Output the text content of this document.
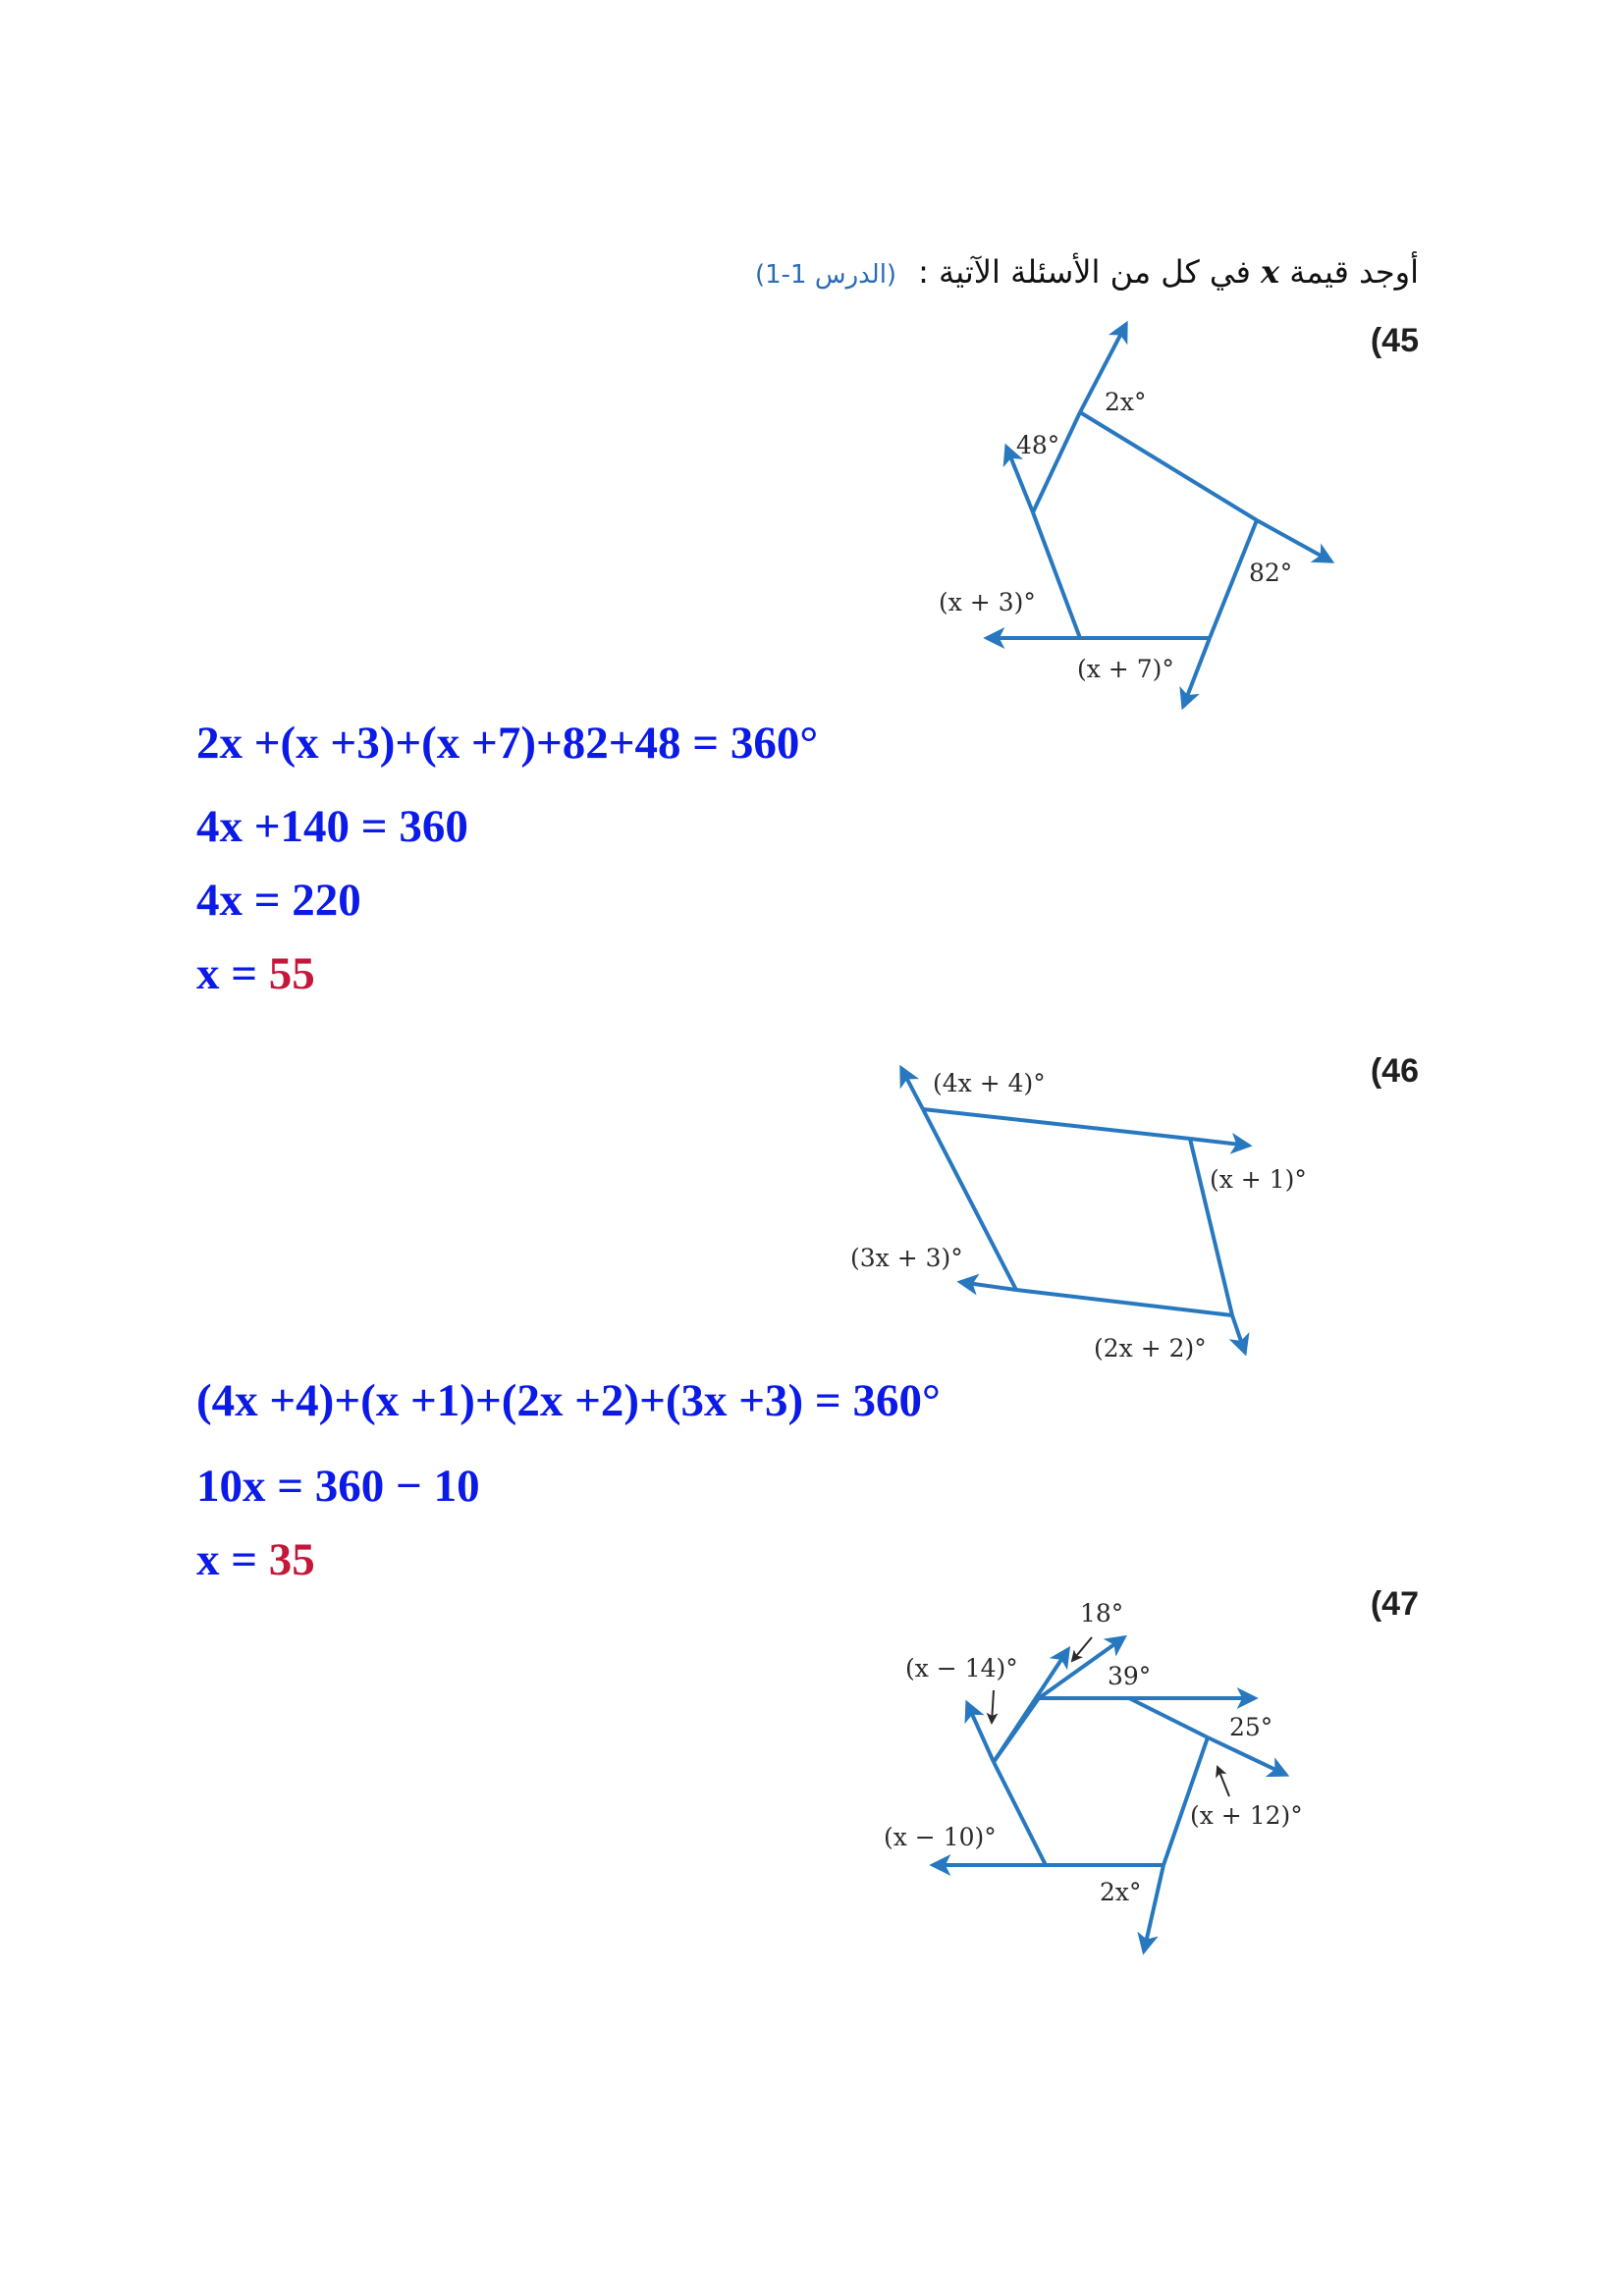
أوجد قيمة x في كل من الأسئلة الآتية :(الدرس 1-1)
(45
2x°
48°
82°
(x + 3)°
(x + 7)°
2x +(x +3)+(x +7)+82+48 = 360°
4x +140 = 360
4x = 220
x = 55
(46
(4x + 4)°
(x + 1)°
(3x + 3)°
(2x + 2)°
(4x +4)+(x +1)+(2x +2)+(3x +3) = 360°
10x = 360 − 10
x = 35
(47
18°
(x − 14)°	39°
25°
(x + 12)°
(x − 10)°
2x°
